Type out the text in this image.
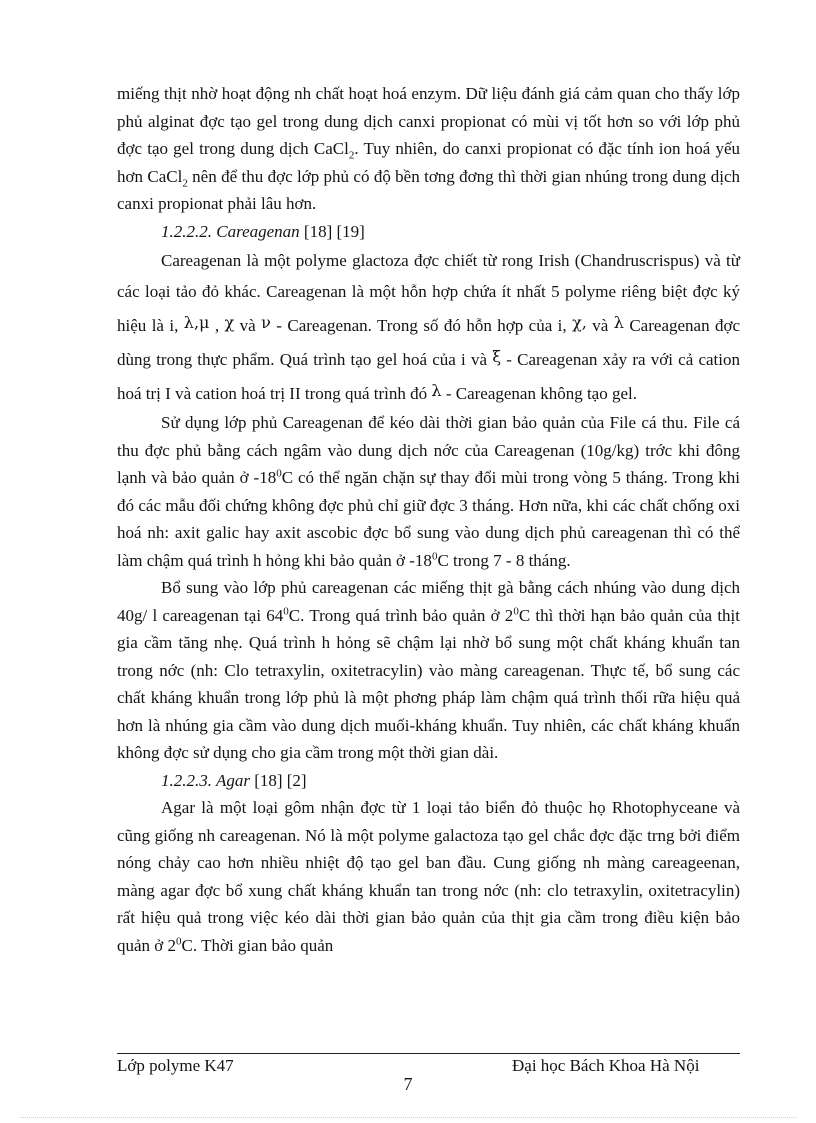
miếng thịt nhờ hoạt động nh chất hoạt hoá enzym. Dữ liệu đánh giá cảm quan cho thấy lớp phủ alginat đợc tạo gel trong dung dịch canxi propionat có mùi vị tốt hơn so với lớp phủ đợc tạo gel trong dung dịch CaCl$_2$. Tuy nhiên, do canxi propionat có đặc tính ion hoá yếu hơn CaCl$_2$ nên để thu đợc lớp phủ có độ bền tơng đơng thì thời gian nhúng trong dung dịch canxi propionat phải lâu hơn.

1.2.2.2. Careagenan [18] [19]

Careagenan là một polyme glactoza đợc chiết từ rong Irish (Chandruscrispus) và từ các loại tảo đỏ khác. Careagenan là một hỗn hợp chứa ít nhất 5 polyme riêng biệt đợc ký hiệu là i, λ,μ , χ và ν - Careagenan. Trong số đó hỗn hợp của i, χ, và λ Careagenan đợc dùng trong thực phẩm. Quá trình tạo gel hoá của i và ξ - Careagenan xảy ra với cả cation hoá trị I và cation hoá trị II trong quá trình đó λ - Careagenan không tạo gel.

Sử dụng lớp phủ Careagenan để kéo dài thời gian bảo quản của File cá thu. File cá thu đợc phủ bằng cách ngâm vào dung dịch nớc của Careagenan (10g/kg) trớc khi đông lạnh và bảo quản ở $-18^0C$ có thể ngăn chặn sự thay đổi mùi trong vòng 5 tháng. Trong khi đó các mẫu đối chứng không đợc phủ chỉ giữ đợc 3 tháng. Hơn nữa, khi các chất chống oxi hoá nh: axit galic hay axit ascobic đợc bổ sung vào dung dịch phủ careagenan thì có thể làm chậm quá trình h hỏng khi bảo quản ở $-18^0C$ trong 7 - 8 tháng.

Bổ sung vào lớp phủ careagenan các miếng thịt gà bằng cách nhúng vào dung dịch 40g/ l careagenan tại $64^0C$. Trong quá trình bảo quản ở $2^0C$ thì thời hạn bảo quản của thịt gia cầm tăng nhẹ. Quá trình h hỏng sẽ chậm lại nhờ bổ sung một chất kháng khuẩn tan trong nớc (nh: Clo tetraxylin, oxitetracylin) vào màng careagenan. Thực tế, bổ sung các chất kháng khuẩn trong lớp phủ là một phơng pháp làm chậm quá trình thối rữa hiệu quả hơn là nhúng gia cầm vào dung dịch muối-kháng khuẩn. Tuy nhiên, các chất kháng khuẩn không đợc sử dụng cho gia cầm trong một thời gian dài.

1.2.2.3. Agar [18] [2]

Agar là một loại gôm nhận đợc từ 1 loại tảo biển đỏ thuộc họ Rhotophyceane và cũng giống nh careagenan. Nó là một polyme galactoza tạo gel chắc đợc đặc trng bởi điểm nóng chảy cao hơn nhiều nhiệt độ tạo gel ban đầu. Cung giống nh màng careageenan, màng agar đợc bổ xung chất kháng khuẩn tan trong nớc (nh: clo tetraxylin, oxitetracylin) rất hiệu quả trong việc kéo dài thời gian bảo quản của thịt gia cầm trong điều kiện bảo quản ở $2^0C$. Thời gian bảo quản

Lớp polyme K47	Đại học Bách Khoa Hà Nội
7
